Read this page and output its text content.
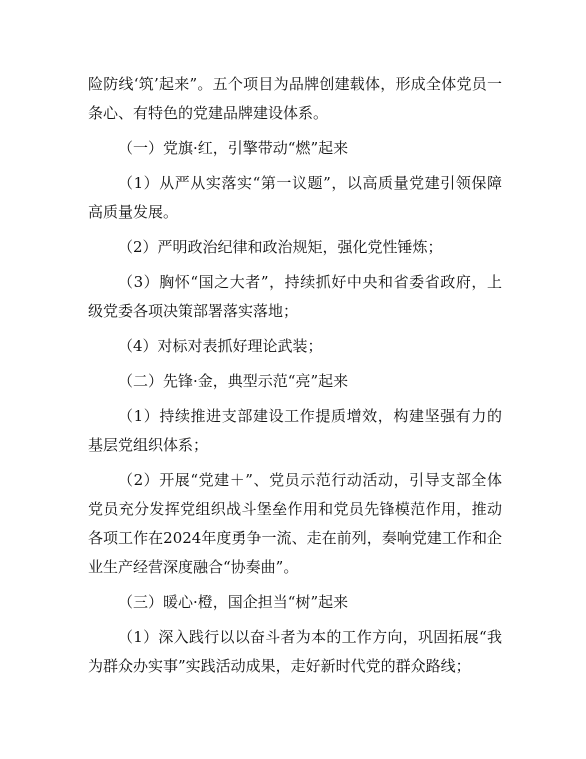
险防线‘筑’起来”。五个项目为品牌创建载体，形成全体党员一条心、有特色的党建品牌建设体系。

（一）党旗·红，引擎带动“燃”起来

（1）从严从实落实“第一议题”，以高质量党建引领保障高质量发展。

（2）严明政治纪律和政治规矩，强化党性锤炼；

（3）胸怀“国之大者”，持续抓好中央和省委省政府，上级党委各项决策部署落实落地；

（4）对标对表抓好理论武装；

（二）先锋·金，典型示范“亮”起来

（1）持续推进支部建设工作提质增效，构建坚强有力的基层党组织体系；

（2）开展“党建＋”、党员示范行动活动，引导支部全体党员充分发挥党组织战斗堡垒作用和党员先锋模范作用，推动各项工作在2024年度勇争一流、走在前列，奏响党建工作和企业生产经营深度融合“协奏曲”。

（三）暖心·橙，国企担当“树”起来

（1）深入践行以以奋斗者为本的工作方向，巩固拓展“我为群众办实事”实践活动成果，走好新时代党的群众路线；
